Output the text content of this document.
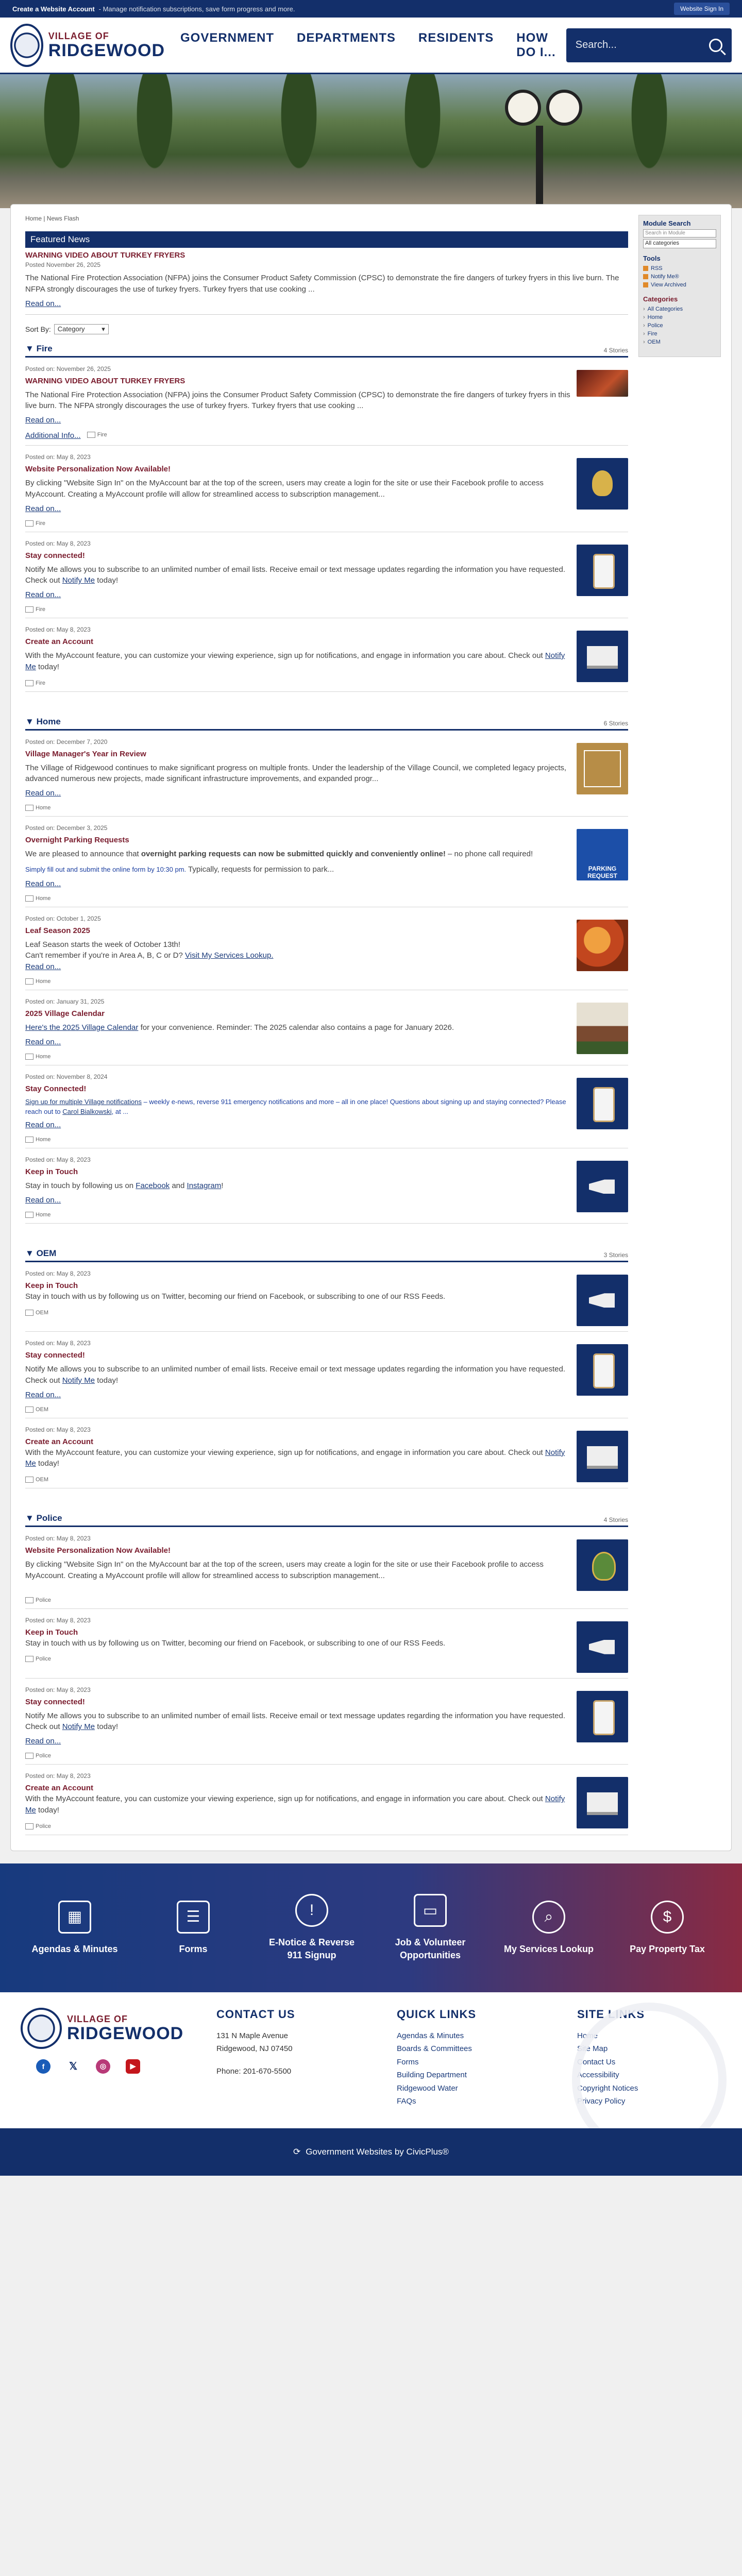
Create a Website Account - Manage notification subscriptions, save form progress and more.	Website Sign In
VILLAGE OF
RIDGEWOOD
GOVERNMENT DEPARTMENTS RESIDENTS HOW DO I...
Search...
Home | News Flash
Featured News
WARNING VIDEO ABOUT TURKEY FRYERS
Posted November 26, 2025
The National Fire Protection Association (NFPA) joins the Consumer Product Safety Commission (CPSC) to demonstrate the fire dangers of turkey fryers in this live burn. The NFPA strongly discourages the use of turkey fryers. Turkey fryers that use cooking ...
Read on...
Sort By: Category	▾
▼ Fire	4 Stories
Posted on: November 26, 2025
WARNING VIDEO ABOUT TURKEY FRYERS
The National Fire Protection Association (NFPA) joins the Consumer Product Safety Commission (CPSC) to demonstrate the fire dangers of turkey fryers in this live burn. The NFPA strongly discourages the use of turkey fryers. Turkey fryers that use cooking ...
Read on...
Additional Info...	Fire
Posted on: May 8, 2023
Website Personalization Now Available!
By clicking "Website Sign In" on the MyAccount bar at the top of the screen, users may create a login for the site or use their Facebook profile to access MyAccount. Creating a MyAccount profile will allow for streamlined access to subscription management...
Read on...
Fire
Posted on: May 8, 2023
Stay connected!
Notify Me allows you to subscribe to an unlimited number of email lists. Receive email or text message updates regarding the information you have requested. Check out Notify Me today!
Read on...
Fire
Posted on: May 8, 2023
Create an Account
With the MyAccount feature, you can customize your viewing experience, sign up for notifications, and engage in information you care about. Check out Notify Me today!
Fire
▼ Home	6 Stories
Posted on: December 7, 2020
Village Manager's Year in Review
The Village of Ridgewood continues to make significant progress on multiple fronts. Under the leadership of the Village Council, we completed legacy projects, advanced numerous new projects, made significant infrastructure improvements, and expanded progr...
Read on...
Home
Posted on: December 3, 2025
Overnight Parking Requests
We are pleased to announce that overnight parking requests can now be submitted quickly and conveniently online! – no phone call required!
Simply fill out and submit the online form by 10:30 pm. Typically, requests for permission to park...
Read on...
Home
PARKING REQUEST
Posted on: October 1, 2025
Leaf Season 2025
Leaf Season starts the week of October 13th!
Can't remember if you're in Area A, B, C or D? Visit My Services Lookup.
Read on...
Home
Posted on: January 31, 2025
2025 Village Calendar
Here's the 2025 Village Calendar for your convenience. Reminder: The 2025 calendar also contains a page for January 2026.
Read on...
Home
Posted on: November 8, 2024
Stay Connected!
Sign up for multiple Village notifications – weekly e-news, reverse 911 emergency notifications and more – all in one place! Questions about signing up and staying connected? Please reach out to Carol Bialkowski, at ...
Read on...
Home
Posted on: May 8, 2023
Keep in Touch
Stay in touch by following us on Facebook and Instagram!
Read on...
Home
▼ OEM	3 Stories
Posted on: May 8, 2023
Keep in Touch
Stay in touch with us by following us on Twitter, becoming our friend on Facebook, or subscribing to one of our RSS Feeds.
OEM
Posted on: May 8, 2023
Stay connected!
Notify Me allows you to subscribe to an unlimited number of email lists. Receive email or text message updates regarding the information you have requested. Check out Notify Me today!
Read on...
OEM
Posted on: May 8, 2023
Create an Account
With the MyAccount feature, you can customize your viewing experience, sign up for notifications, and engage in information you care about. Check out Notify Me today!
OEM
▼ Police	4 Stories
Posted on: May 8, 2023
Website Personalization Now Available!
By clicking "Website Sign In" on the MyAccount bar at the top of the screen, users may create a login for the site or use their Facebook profile to access MyAccount. Creating a MyAccount profile will allow for streamlined access to subscription management...
Police
Posted on: May 8, 2023
Keep in Touch
Stay in touch with us by following us on Twitter, becoming our friend on Facebook, or subscribing to one of our RSS Feeds.
Police
Posted on: May 8, 2023
Stay connected!
Notify Me allows you to subscribe to an unlimited number of email lists. Receive email or text message updates regarding the information you have requested. Check out Notify Me today!
Read on...
Police
Posted on: May 8, 2023
Create an Account
With the MyAccount feature, you can customize your viewing experience, sign up for notifications, and engage in information you care about. Check out Notify Me today!
Police
Module Search
Search in Module
All categories
Tools
RSS
Notify Me®
View Archived
Categories
› All Categories
› Home
› Police
› Fire
› OEM
▦
Agendas & Minutes
☰
Forms
!
E-Notice & Reverse 911 Signup
▭
Job & Volunteer Opportunities
⌕
My Services Lookup
$
Pay Property Tax
VILLAGE OF
RIDGEWOOD
f	𝕏	◎	▶
CONTACT US

131 N Maple Avenue

Ridgewood, NJ 07450

Phone: 201-670-5500

QUICK LINKS
Agendas & Minutes
Boards & Committees
Forms
Building Department
Ridgewood Water
FAQs
SITE LINKS
Home
Site Map
Contact Us
Accessibility
Copyright Notices
Privacy Policy
⟳ Government Websites by CivicPlus®
